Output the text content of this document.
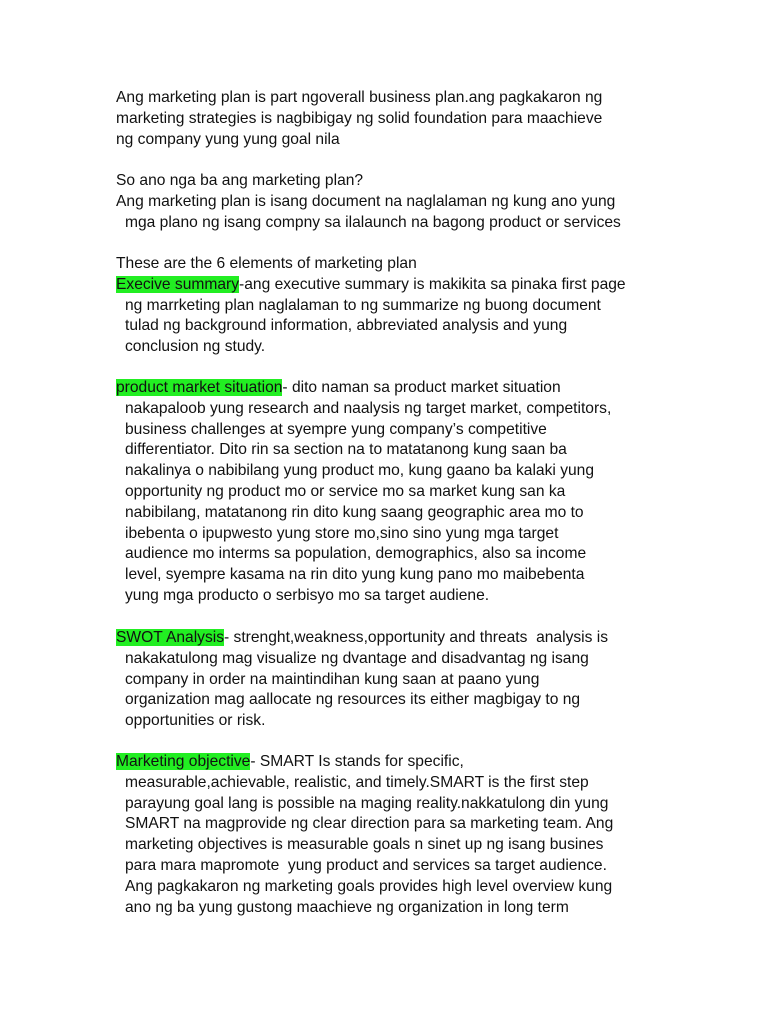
Ang marketing plan is part ngoverall business plan.ang pagkakaron ng
marketing strategies is nagbibigay ng solid foundation para maachieve
ng company yung yung goal nila
So ano nga ba ang marketing plan?
Ang marketing plan is isang document na naglalaman ng kung ano yung
mga plano ng isang compny sa ilalaunch na bagong product or services
These are the 6 elements of marketing plan
Execive summary-ang executive summary is makikita sa pinaka first page
ng marrketing plan naglalaman to ng summarize ng buong document
tulad ng background information, abbreviated analysis and yung
conclusion ng study.
product market situation- dito naman sa product market situation
nakapaloob yung research and naalysis ng target market, competitors,
business challenges at syempre yung company’s competitive
differentiator. Dito rin sa section na to matatanong kung saan ba
nakalinya o nabibilang yung product mo, kung gaano ba kalaki yung
opportunity ng product mo or service mo sa market kung san ka
nabibilang, matatanong rin dito kung saang geographic area mo to
ibebenta o ipupwesto yung store mo,sino sino yung mga target
audience mo interms sa population, demographics, also sa income
level, syempre kasama na rin dito yung kung pano mo maibebenta
yung mga producto o serbisyo mo sa target audiene.
SWOT Analysis- strenght,weakness,opportunity and threats  analysis is
nakakatulong mag visualize ng dvantage and disadvantag ng isang
company in order na maintindihan kung saan at paano yung
organization mag aallocate ng resources its either magbigay to ng
opportunities or risk.
Marketing objective- SMART Is stands for specific,
measurable,achievable, realistic, and timely.SMART is the first step
parayung goal lang is possible na maging reality.nakkatulong din yung
SMART na magprovide ng clear direction para sa marketing team. Ang
marketing objectives is measurable goals n sinet up ng isang busines
para mara mapromote  yung product and services sa target audience.
Ang pagkakaron ng marketing goals provides high level overview kung
ano ng ba yung gustong maachieve ng organization in long term
